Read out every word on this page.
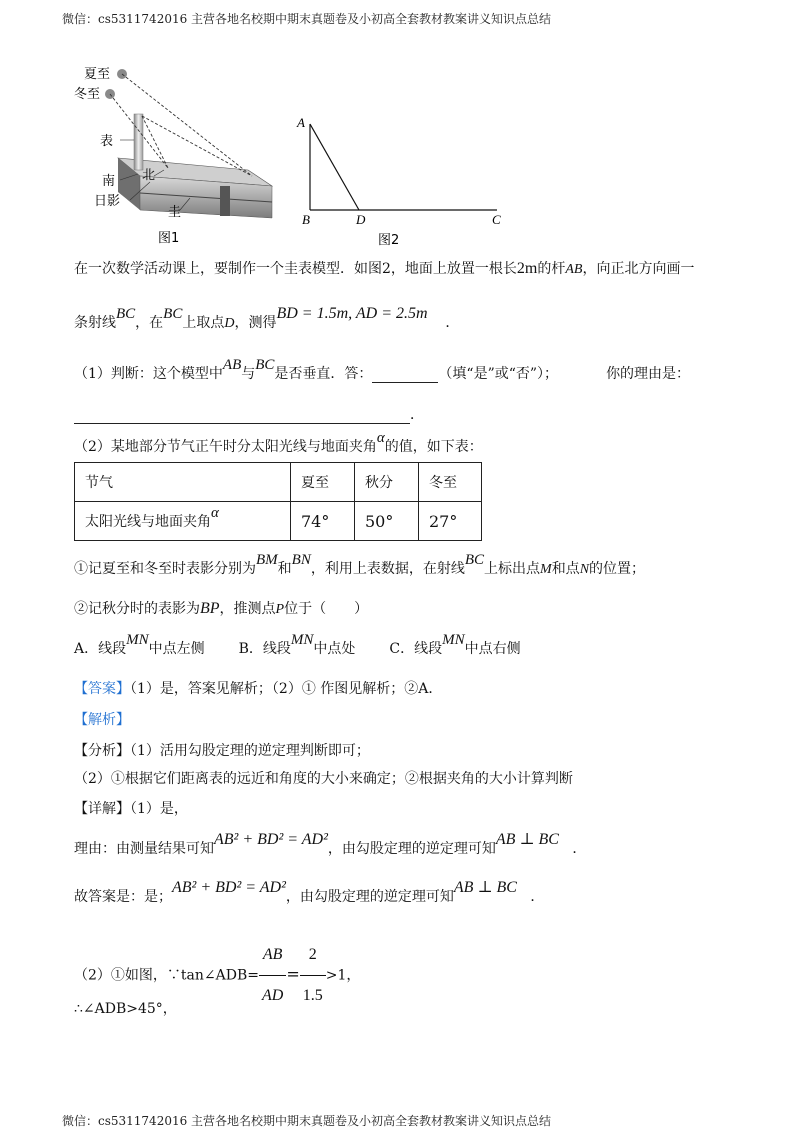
微信：cs5311742016 主营各地名校期中期末真题卷及小初高全套教材教案讲义知识点总结
夏至
冬至
表
南 北
日影
圭
图1
A
B	D	C
图2
在一次数学活动课上，要制作一个圭表模型．如图2，地面上放置一根长2m的杆AB，向正北方向画一
条射线BC，在BC上取点D，测得BD = 1.5m, AD = 2.5m    ．
（1）判断：这个模型中AB与BC是否垂直．答：	（填“是”或“否”）；	你的理由是：
．
（2）某地部分节气正午时分太阳光线与地面夹角α的值，如下表：
节气	夏至	秋分	冬至
太阳光线与地面夹角α	74°	50°	27°
①记夏至和冬至时表影分别为BM和BN，利用上表数据，在射线BC上标出点M和点N的位置；
②记秋分时的表影为BP，推测点P位于（　　）
A．线段MN中点左侧 B．线段MN中点处 C．线段MN中点右侧
【答案】（1）是，答案见解析；（2）① 作图见解析；②A．
【解析】
【分析】（1）活用勾股定理的逆定理判断即可；
（2）①根据它们距离表的远近和角度的大小来确定；②根据夹角的大小计算判断
【详解】（1）是，
理由：由测量结果可知AB² + BD² = AD²，由勾股定理的逆定理可知AB ⊥ BC   ．
故答案是：是；AB² + BD² = AD²，由勾股定理的逆定理可知AB ⊥ BC   ．
（2）①如图，∵tan∠ADB= $\frac{AB}{AD} = \frac{2}{1.5} >1$，
∴∠ADB>45°，
微信：cs5311742016 主营各地名校期中期末真题卷及小初高全套教材教案讲义知识点总结
